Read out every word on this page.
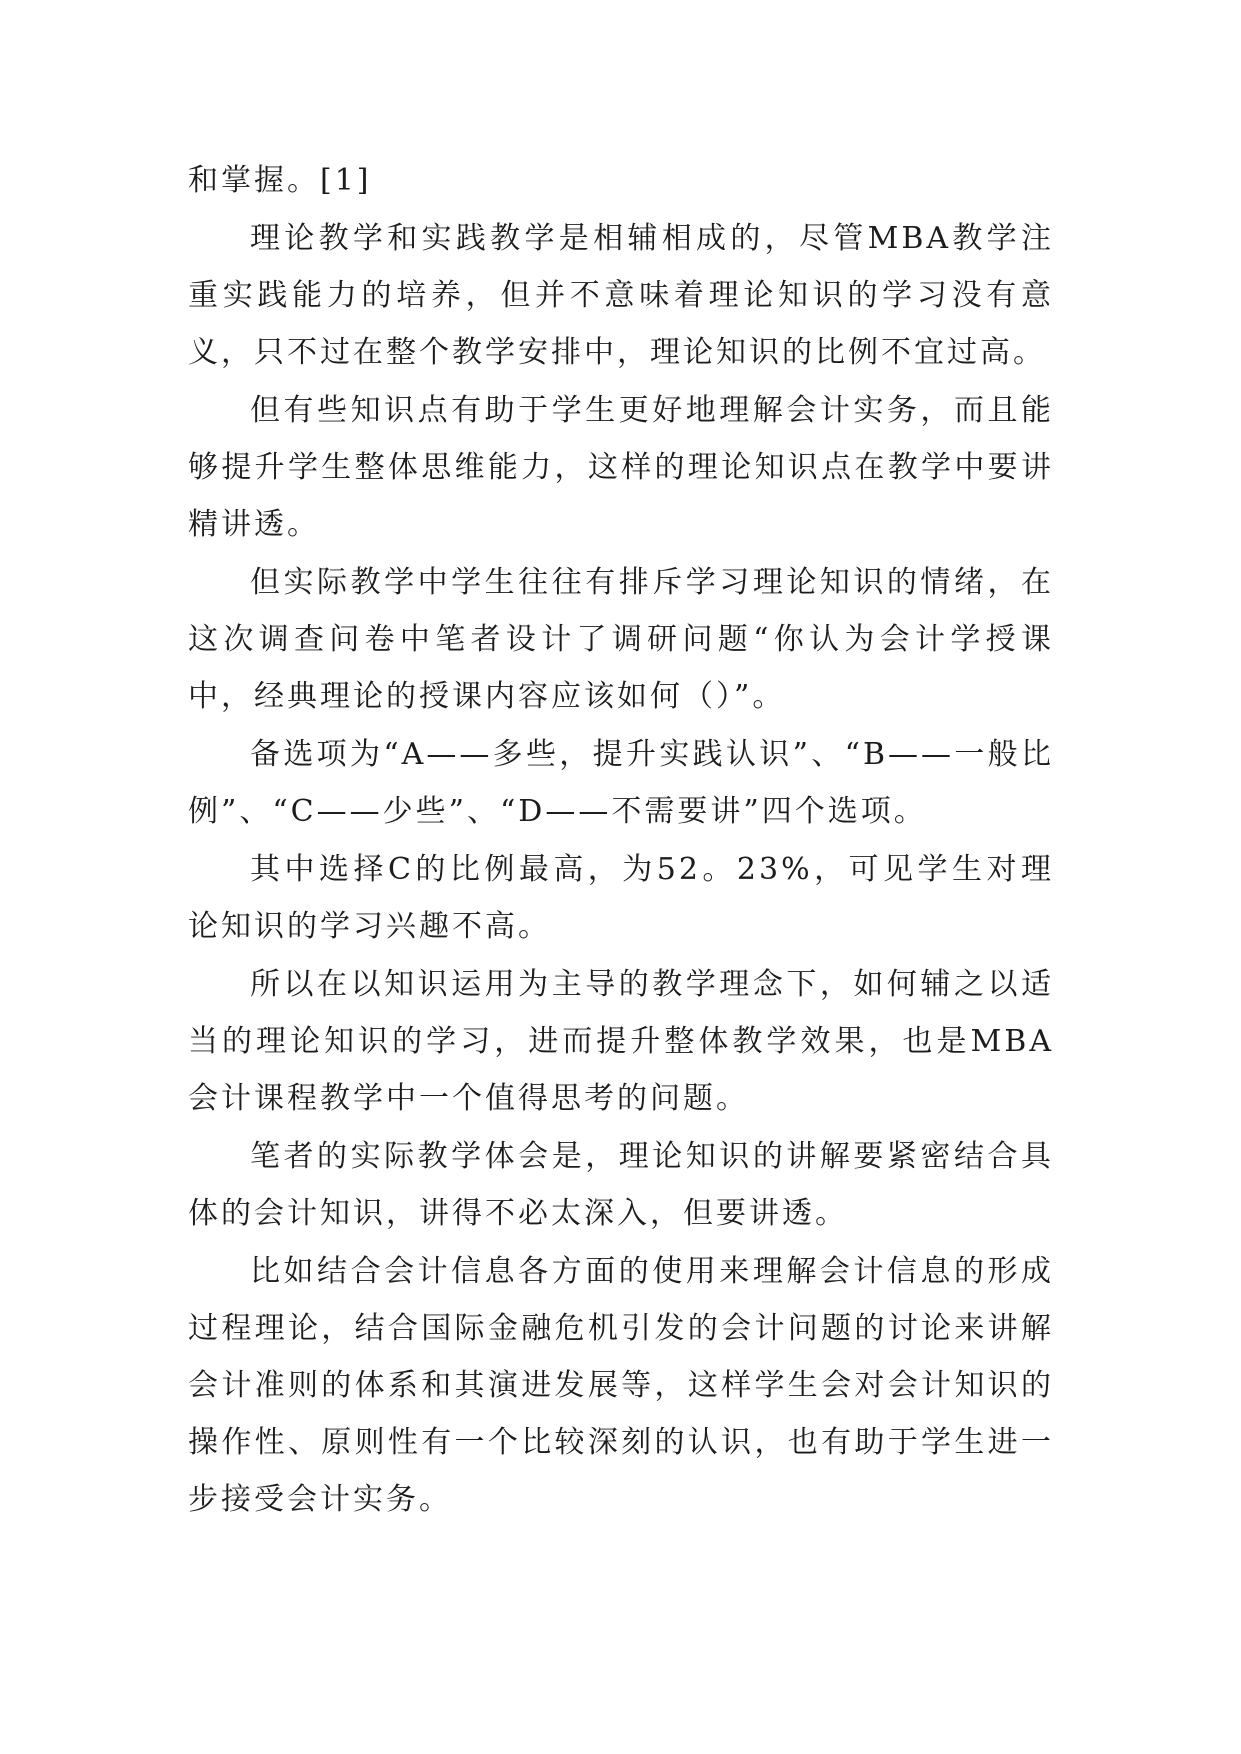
和掌握。[1]

理论教学和实践教学是相辅相成的，尽管MBA教学注重实践能力的培养，但并不意味着理论知识的学习没有意义，只不过在整个教学安排中，理论知识的比例不宜过高。

但有些知识点有助于学生更好地理解会计实务，而且能够提升学生整体思维能力，这样的理论知识点在教学中要讲精讲透。

但实际教学中学生往往有排斥学习理论知识的情绪，在这次调查问卷中笔者设计了调研问题“你认为会计学授课中，经典理论的授课内容应该如何（）”。

备选项为“A——多些，提升实践认识”、“B——一般比例”、“C——少些”、“D——不需要讲”四个选项。

其中选择C的比例最高，为52。23%，可见学生对理论知识的学习兴趣不高。

所以在以知识运用为主导的教学理念下，如何辅之以适当的理论知识的学习，进而提升整体教学效果，也是MBA会计课程教学中一个值得思考的问题。

笔者的实际教学体会是，理论知识的讲解要紧密结合具体的会计知识，讲得不必太深入，但要讲透。

比如结合会计信息各方面的使用来理解会计信息的形成过程理论，结合国际金融危机引发的会计问题的讨论来讲解会计准则的体系和其演进发展等，这样学生会对会计知识的操作性、原则性有一个比较深刻的认识，也有助于学生进一步接受会计实务。
